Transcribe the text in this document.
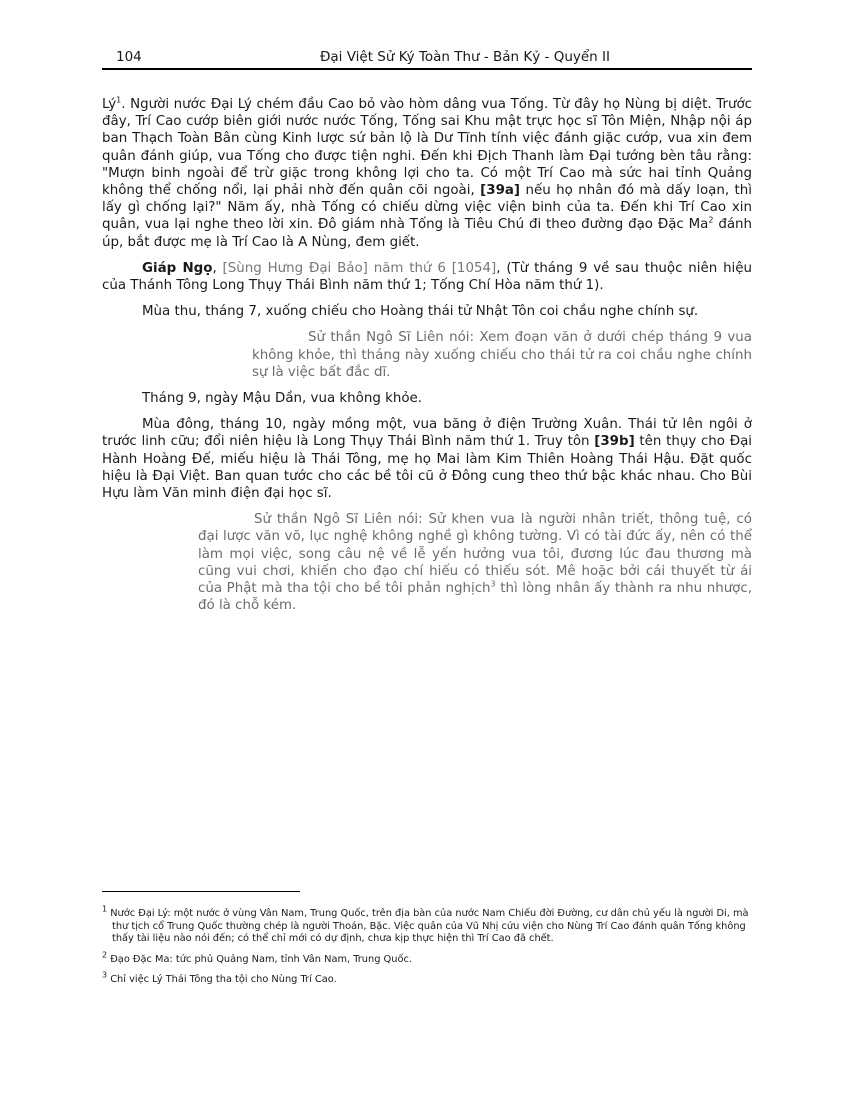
104	Đại Việt Sử Ký Toàn Thư - Bản Kỷ - Quyển II

$Lý^1$. Người nước Đại Lý chém đầu Cao bỏ vào hòm dâng vua Tống. Từ đây họ Nùng bị diệt. Trước đây, Trí Cao cướp biên giới nước nước Tống, Tống sai Khu mật trực học sĩ Tôn Miện, Nhập nội áp ban Thạch Toàn Bân cùng Kinh lược sứ bản lộ là Dư Tĩnh tính việc đánh giặc cướp, vua xin đem quân đánh giúp, vua Tống cho được tiện nghi. Đến khi Địch Thanh làm Đại tướng bèn tâu rằng: "Mượn binh ngoài để trừ giặc trong không lợi cho ta. Có một Trí Cao mà sức hai tỉnh Quảng không thể chống nổi, lại phải nhờ đến quân cõi ngoài, [39a] nếu họ nhân đó mà dấy loạn, thì lấy gì chống lại?" Năm ấy, nhà Tống có chiếu dừng việc viện binh của ta. Đến khi Trí Cao xin quân, vua lại nghe theo lời xin. Đô giám nhà Tống là Tiêu Chú đi theo đường đạo Đặc Ma$^2$ đánh úp, bắt được mẹ là Trí Cao là A Nùng, đem giết.

Giáp Ngọ, [Sùng Hưng Đại Bảo] năm thứ 6 [1054], (Từ tháng 9 về sau thuộc niên hiệu của Thánh Tông Long Thụy Thái Bình năm thứ 1; Tống Chí Hòa năm thứ 1).

Mùa thu, tháng 7, xuống chiếu cho Hoàng thái tử Nhật Tôn coi chầu nghe chính sự.

Sử thần Ngô Sĩ Liên nói: Xem đoạn văn ở dưới chép tháng 9 vua không khỏe, thì tháng này xuống chiếu cho thái tử ra coi chầu nghe chính sự là việc bất đắc dĩ.

Tháng 9, ngày Mậu Dần, vua không khỏe.

Mùa đông, tháng 10, ngày mồng một, vua băng ở điện Trường Xuân. Thái tử lên ngôi ở trước linh cữu; đổi niên hiệu là Long Thụy Thái Bình năm thứ 1. Truy tôn [39b] tên thụy cho Đại Hành Hoàng Đế, miếu hiệu là Thái Tông, mẹ họ Mai làm Kim Thiên Hoàng Thái Hậu. Đặt quốc hiệu là Đại Việt. Ban quan tước cho các bề tôi cũ ở Đông cung theo thứ bậc khác nhau. Cho Bùi Hựu làm Văn minh điện đại học sĩ.

Sử thần Ngô Sĩ Liên nói: Sử khen vua là người nhân triết, thông tuệ, có đại lược văn võ, lục nghệ không nghề gì không tường. Vì có tài đức ấy, nên có thể làm mọi việc, song câu nệ về lễ yến hưởng vua tôi, đương lúc đau thương mà cũng vui chơi, khiến cho đạo chí hiếu có thiếu sót. Mê hoặc bởi cái thuyết từ ái của Phật mà tha tội cho bề tôi phản nghịch$^3$ thì lòng nhân ấy thành ra nhu nhược, đó là chỗ kém.

$^1$ Nước Đại Lý: một nước ở vùng Vân Nam, Trung Quốc, trên địa bàn của nước Nam Chiếu đời Đường, cư dân chủ yếu là người Di, mà thư tịch cổ Trung Quốc thường chép là người Thoán, Bặc. Việc quân của Vũ Nhị cứu viện cho Nùng Trí Cao đánh quân Tống không thấy tài liệu nào nói đến; có thể chỉ mới có dự định, chưa kịp thực hiện thì Trí Cao đã chết.

$^2$ Đạo Đặc Ma: tức phủ Quảng Nam, tỉnh Vân Nam, Trung Quốc.

$^3$ Chỉ việc Lý Thái Tông tha tội cho Nùng Trí Cao.
